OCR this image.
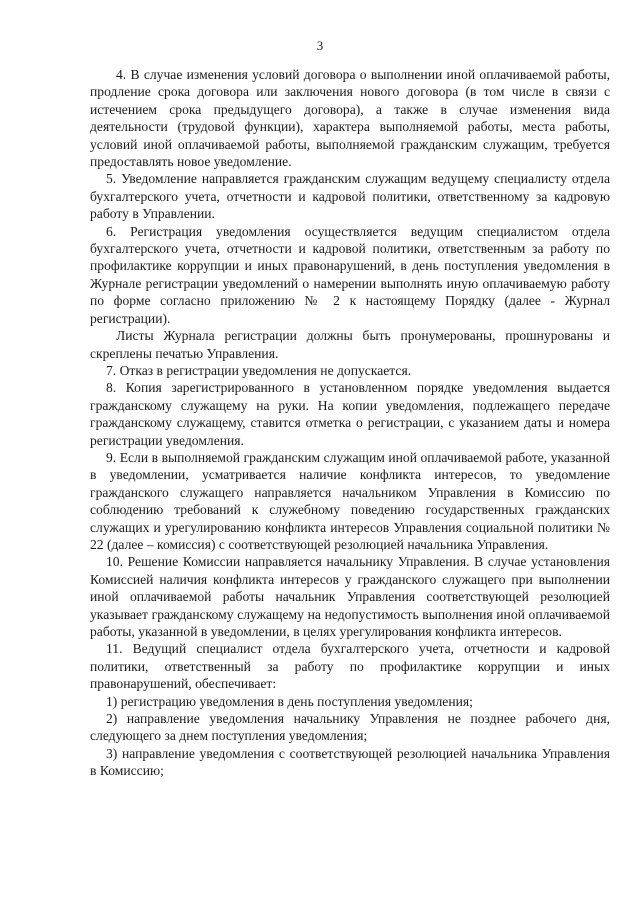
3

4. В случае изменения условий договора о выполнении иной оплачиваемой работы, продление срока договора или заключения нового договора (в том числе в связи с истечением срока предыдущего договора), а также в случае изменения вида деятельности (трудовой функции), характера выполняемой работы, места работы, условий иной оплачиваемой работы, выполняемой гражданским служащим, требуется предоставлять новое уведомление.

5. Уведомление направляется гражданским служащим ведущему специалисту отдела бухгалтерского учета, отчетности и кадровой политики, ответственному за кадровую работу в Управлении.

6. Регистрация уведомления осуществляется ведущим специалистом отдела бухгалтерского учета, отчетности и кадровой политики, ответственным за работу по профилактике коррупции и иных правонарушений, в день поступления уведомления в Журнале регистрации уведомлений о намерении выполнять иную оплачиваемую работу по форме согласно приложению № 2 к настоящему Порядку (далее - Журнал регистрации).

Листы Журнала регистрации должны быть пронумерованы, прошнурованы и скреплены печатью Управления.

7. Отказ в регистрации уведомления не допускается.

8. Копия зарегистрированного в установленном порядке уведомления выдается гражданскому служащему на руки. На копии уведомления, подлежащего передаче гражданскому служащему, ставится отметка о регистрации, с указанием даты и номера регистрации уведомления.

9. Если в выполняемой гражданским служащим иной оплачиваемой работе, указанной в уведомлении, усматривается наличие конфликта интересов, то уведомление гражданского служащего направляется начальником Управления в Комиссию по соблюдению требований к служебному поведению государственных гражданских служащих и урегулированию конфликта интересов Управления социальной политики № 22 (далее – комиссия) с соответствующей резолюцией начальника Управления.

10. Решение Комиссии направляется начальнику Управления. В случае установления Комиссией наличия конфликта интересов у гражданского служащего при выполнении иной оплачиваемой работы начальник Управления соответствующей резолюцией указывает гражданскому служащему на недопустимость выполнения иной оплачиваемой работы, указанной в уведомлении, в целях урегулирования конфликта интересов.

11. Ведущий специалист отдела бухгалтерского учета, отчетности и кадровой политики, ответственный за работу по профилактике коррупции и иных правонарушений, обеспечивает:

1) регистрацию уведомления в день поступления уведомления;

2) направление уведомления начальнику Управления не позднее рабочего дня, следующего за днем поступления уведомления;

3) направление уведомления с соответствующей резолюцией начальника Управления в Комиссию;
